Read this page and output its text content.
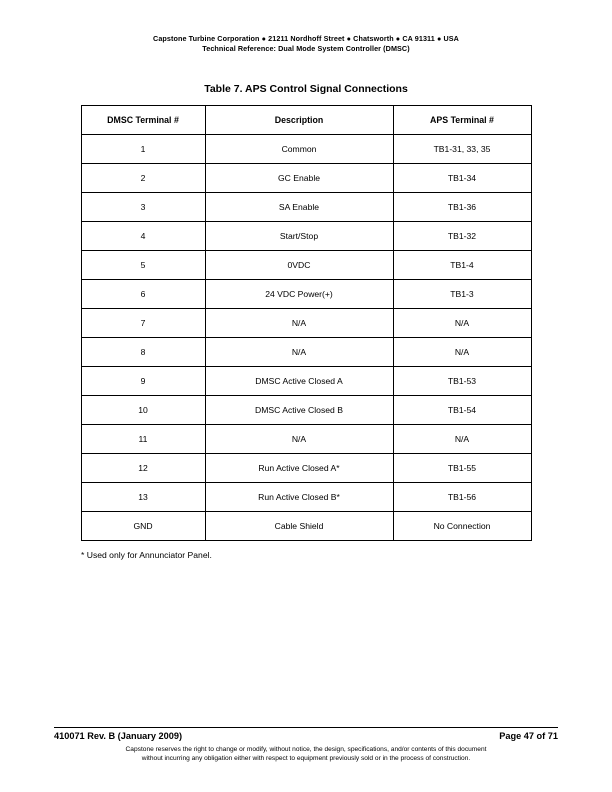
Capstone Turbine Corporation ● 21211 Nordhoff Street ● Chatsworth ● CA 91311 ● USA
Technical Reference: Dual Mode System Controller (DMSC)
Table 7. APS Control Signal Connections
DMSC Terminal #	Description	APS Terminal #
1	Common	TB1-31, 33, 35
2	GC Enable	TB1-34
3	SA Enable	TB1-36
4	Start/Stop	TB1-32
5	0VDC	TB1-4
6	24 VDC Power(+)	TB1-3
7	N/A	N/A
8	N/A	N/A
9	DMSC Active Closed A	TB1-53
10	DMSC Active Closed B	TB1-54
11	N/A	N/A
12	Run Active Closed A*	TB1-55
13	Run Active Closed B*	TB1-56
GND	Cable Shield	No Connection
* Used only for Annunciator Panel.
410071 Rev. B (January 2009)	Page 47 of 71
Capstone reserves the right to change or modify, without notice, the design, specifications, and/or contents of this document
without incurring any obligation either with respect to equipment previously sold or in the process of construction.
